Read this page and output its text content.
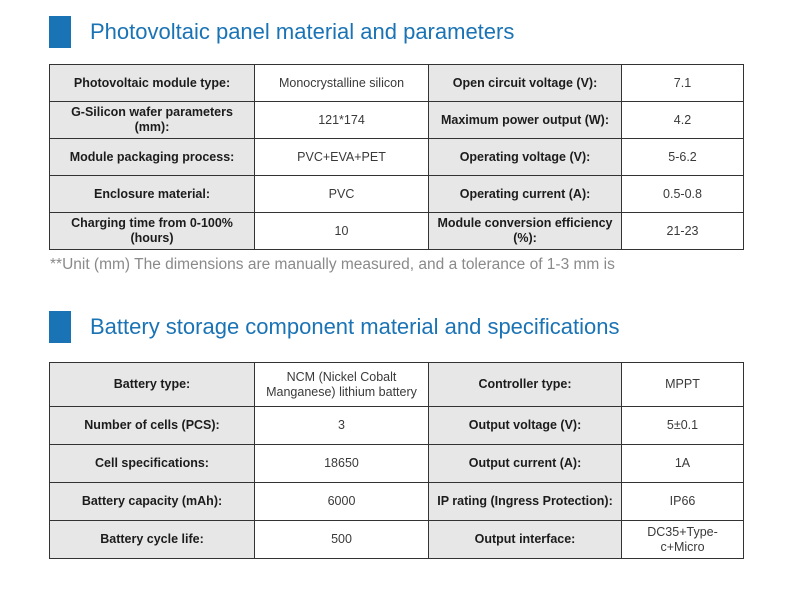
Photovoltaic panel material and parameters
Photovoltaic module type:	Monocrystalline silicon	Open circuit voltage (V):	7.1
G-Silicon wafer parameters (mm):	121*174	Maximum power output (W):	4.2
Module packaging process:	PVC+EVA+PET	Operating voltage (V):	5-6.2
Enclosure material:	PVC	Operating current (A):	0.5-0.8
Charging time from 0-100% (hours)	10	Module conversion efficiency (%):	21-23
**Unit (mm) The dimensions are manually measured, and a tolerance of 1-3 mm is
Battery storage component material and specifications
Battery type:	NCM (Nickel Cobalt Manganese) lithium battery	Controller type:	MPPT
Number of cells (PCS):	3	Output voltage (V):	5±0.1
Cell specifications:	18650	Output current (A):	1A
Battery capacity (mAh):	6000	IP rating (Ingress Protection):	IP66
Battery cycle life:	500	Output interface:	DC35+Type-c+Micro
